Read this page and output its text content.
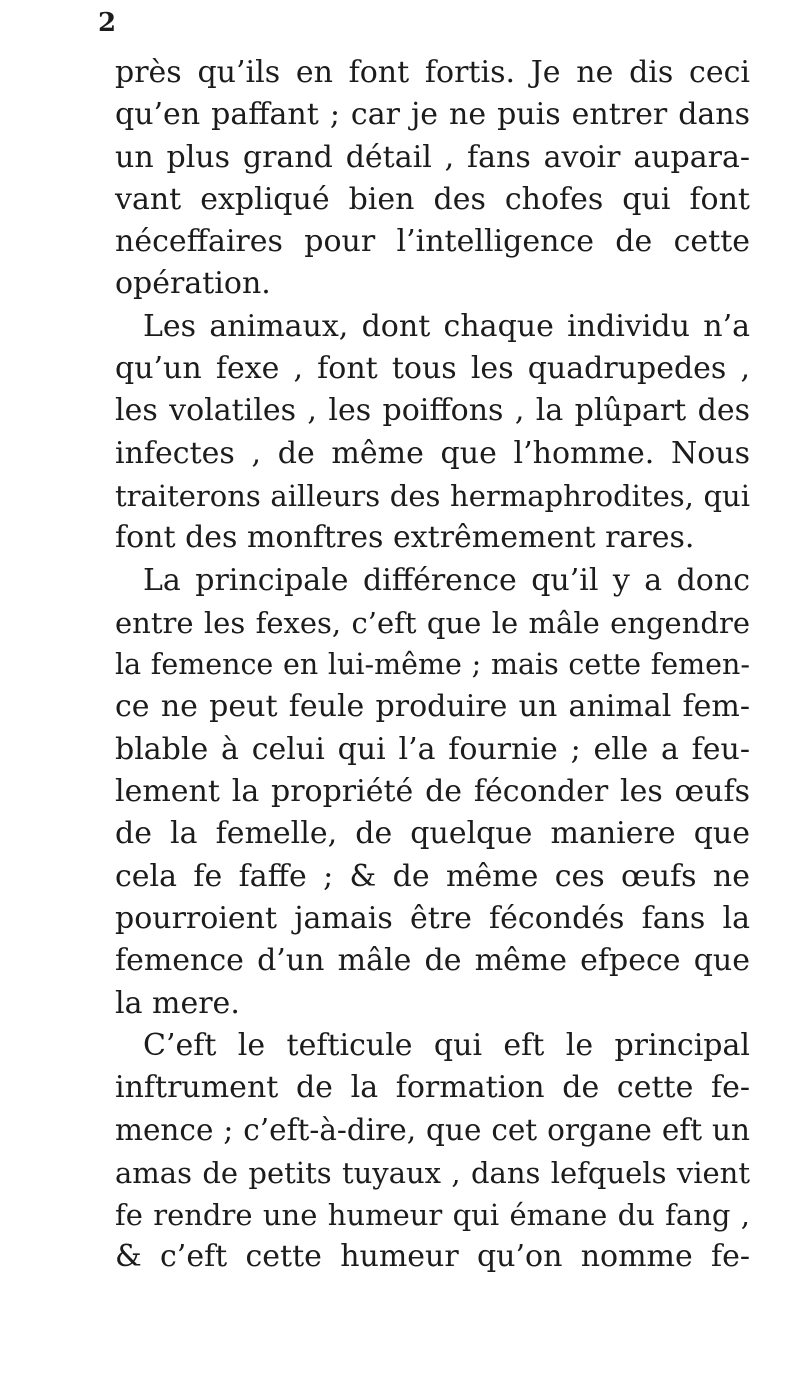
2
près qu’ils en font fortis. Je ne dis ceci
qu’en paffant ; car je ne puis entrer dans
un plus grand détail , fans avoir aupara-
vant expliqué bien des chofes qui font
néceffaires pour l’intelligence de cette
opération.
Les animaux, dont chaque individu n’a
qu’un fexe , font tous les quadrupedes ,
les volatiles , les poiffons , la plûpart des
infectes , de même que l’homme. Nous
traiterons ailleurs des hermaphrodites, qui
font des monftres extrêmement rares.
La principale différence qu’il y a donc
entre les fexes, c’eft que le mâle engendre
la femence en lui-même ; mais cette femen-
ce ne peut feule produire un animal fem-
blable à celui qui l’a fournie ; elle a feu-
lement la propriété de féconder les œufs
de la femelle, de quelque maniere que
cela fe faffe ; & de même ces œufs ne
pourroient jamais être fécondés fans la
femence d’un mâle de même efpece que
la mere.
C’eft le tefticule qui eft le principal
inftrument de la formation de cette fe-
mence ; c’eft-à-dire, que cet organe eft un
amas de petits tuyaux , dans lefquels vient
fe rendre une humeur qui émane du fang ,
& c’eft cette humeur qu’on nomme fe-
